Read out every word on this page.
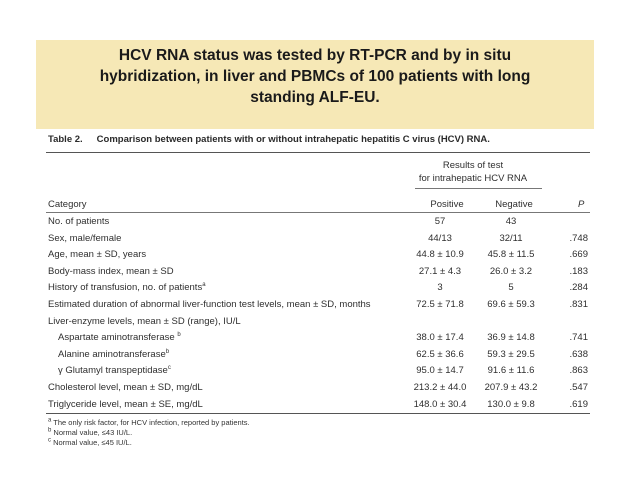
HCV RNA status was tested by RT-PCR and by in situ
hybridization, in liver and PBMCs of 100 patients with long
standing ALF-EU.
Table 2. Comparison between patients with or without intrahepatic hepatitis C virus (HCV) RNA.
Results of test
for intrahepatic HCV RNA
Category	Positive	Negative	P
No. of patients	57	43
Sex, male/female	44/13	32/11	.748
Age, mean ± SD, years	44.8 ± 10.9	45.8 ± 11.5	.669
Body-mass index, mean ± SD	27.1 ± 4.3	26.0 ± 3.2	.183
History of transfusion, no. of patients$^a$	3	5	.284
Estimated duration of abnormal liver-function test levels, mean ± SD, months	72.5 ± 71.8	69.6 ± 59.3	.831
Liver-enzyme levels, mean ± SD (range), IU/L
Aspartate aminotransferase $^b$	38.0 ± 17.4	36.9 ± 14.8	.741
Alanine aminotransferase$^b$	62.5 ± 36.6	59.3 ± 29.5	.638
γ Glutamyl transpeptidase$^c$	95.0 ± 14.7	91.6 ± 11.6	.863
Cholesterol level, mean ± SD, mg/dL	213.2 ± 44.0	207.9 ± 43.2	.547
Triglyceride level, mean ± SE, mg/dL	148.0 ± 30.4	130.0 ± 9.8	.619
$^a$ The only risk factor, for HCV infection, reported by patients.
$^b$ Normal value, ≤43 IU/L.
$^c$ Normal value, ≤45 IU/L.
